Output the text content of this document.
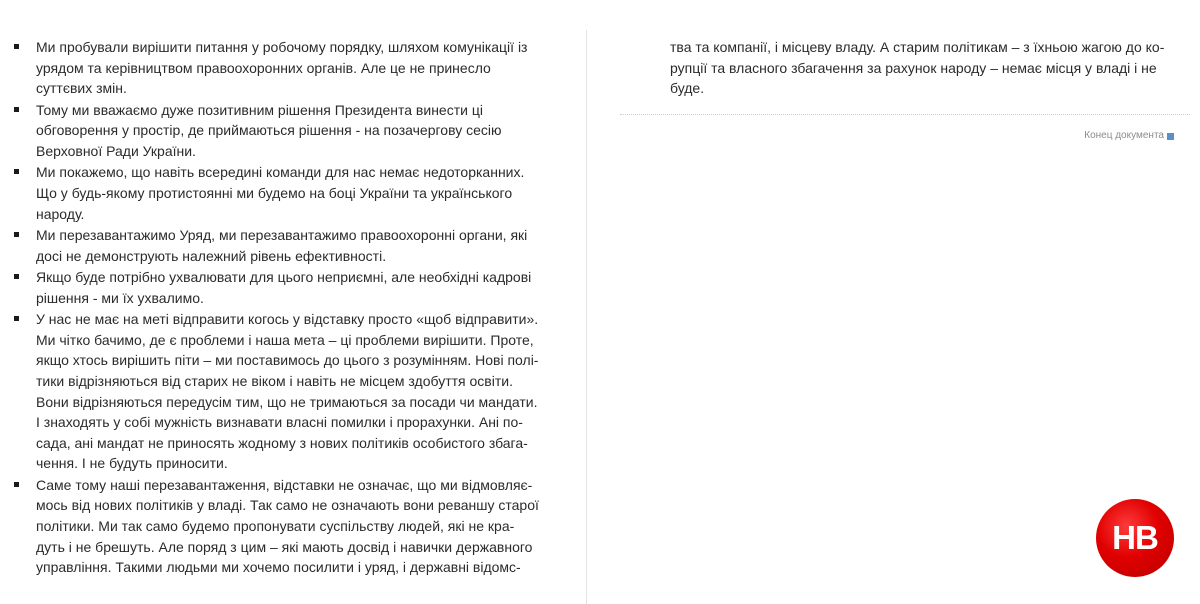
Ми пробували вирішити питання у робочому порядку, шляхом комунікації із
урядом та керівництвом правоохоронних органів. Але це не принесло
суттєвих змін.
Тому ми вважаємо дуже позитивним рішення Президента винести ці
обговорення у простір, де приймаються рішення - на позачергову сесію
Верховної Ради України.
Ми покажемо, що навіть всередині команди для нас немає недоторканних.
Що у будь-якому протистоянні ми будемо на боці України та українського
народу.
Ми перезавантажимо Уряд, ми перезавантажимо правоохоронні органи, які
досі не демонструють належний рівень ефективності.
Якщо буде потрібно ухвалювати для цього неприємні, але необхідні кадрові
рішення - ми їх ухвалимо.
У нас не має на меті відправити когось у відставку просто «щоб відправити».
Ми чітко бачимо, де є проблеми і наша мета – ці проблеми вирішити. Проте,
якщо хтось вирішить піти – ми поставимось до цього з розумінням. Нові полі-
тики відрізняються від старих не віком і навіть не місцем здобуття освіти.
Вони відрізняються передусім тим, що не тримаються за посади чи мандати.
І знаходять у собі мужність визнавати власні помилки і прорахунки. Ані по-
сада, ані мандат не приносять жодному з нових політиків особистого збага-
чення. І не будуть приносити.
Саме тому наші перезавантаження, відставки не означає, що ми відмовляє-
мось від нових політиків у владі. Так само не означають вони реваншу старої
політики. Ми так само будемо пропонувати суспільству людей, які не кра-
дуть і не брешуть. Але поряд з цим – які мають досвід і навички державного
управління. Такими людьми ми хочемо посилити і уряд, і державні відомс-
тва та компанії, і місцеву владу. А старим політикам – з їхньою жагою до ко-
рупції та власного збагачення за рахунок народу – немає місця у владі і не
буде.
Конец документа
НВ
